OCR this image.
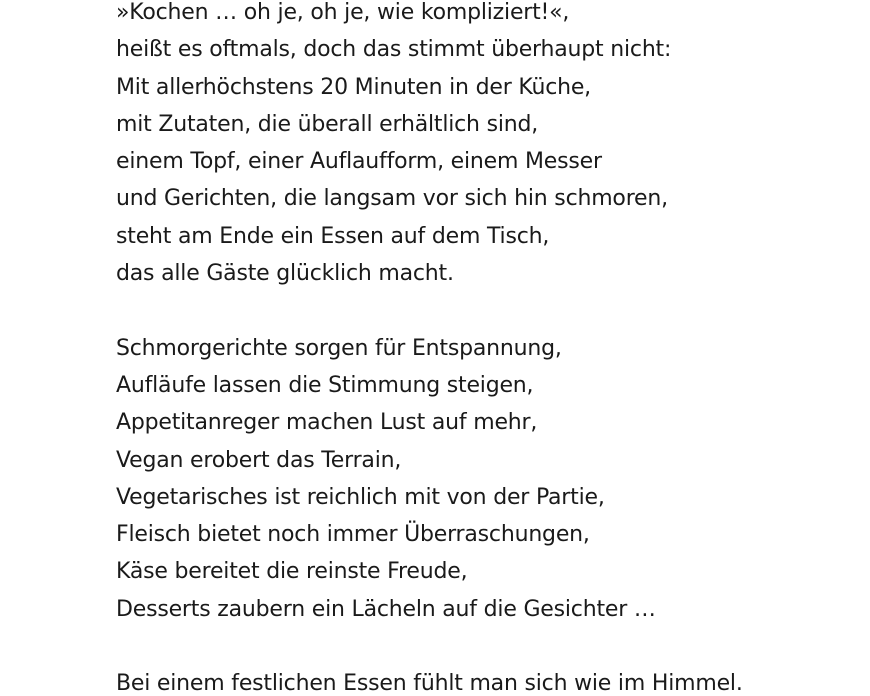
»Kochen … oh je, oh je, wie kompliziert!«,
heißt es oftmals, doch das stimmt überhaupt nicht:
Mit allerhöchstens 20 Minuten in der Küche,
mit Zutaten, die überall erhältlich sind,
einem Topf, einer Auflaufform, einem Messer
und Gerichten, die langsam vor sich hin schmoren,
steht am Ende ein Essen auf dem Tisch,
das alle Gäste glücklich macht.
Schmorgerichte sorgen für Entspannung,
Aufläufe lassen die Stimmung steigen,
Appetitanreger machen Lust auf mehr,
Vegan erobert das Terrain,
Vegetarisches ist reichlich mit von der Partie,
Fleisch bietet noch immer Überraschungen,
Käse bereitet die reinste Freude,
Desserts zaubern ein Lächeln auf die Gesichter …
Bei einem festlichen Essen fühlt man sich wie im Himmel.
